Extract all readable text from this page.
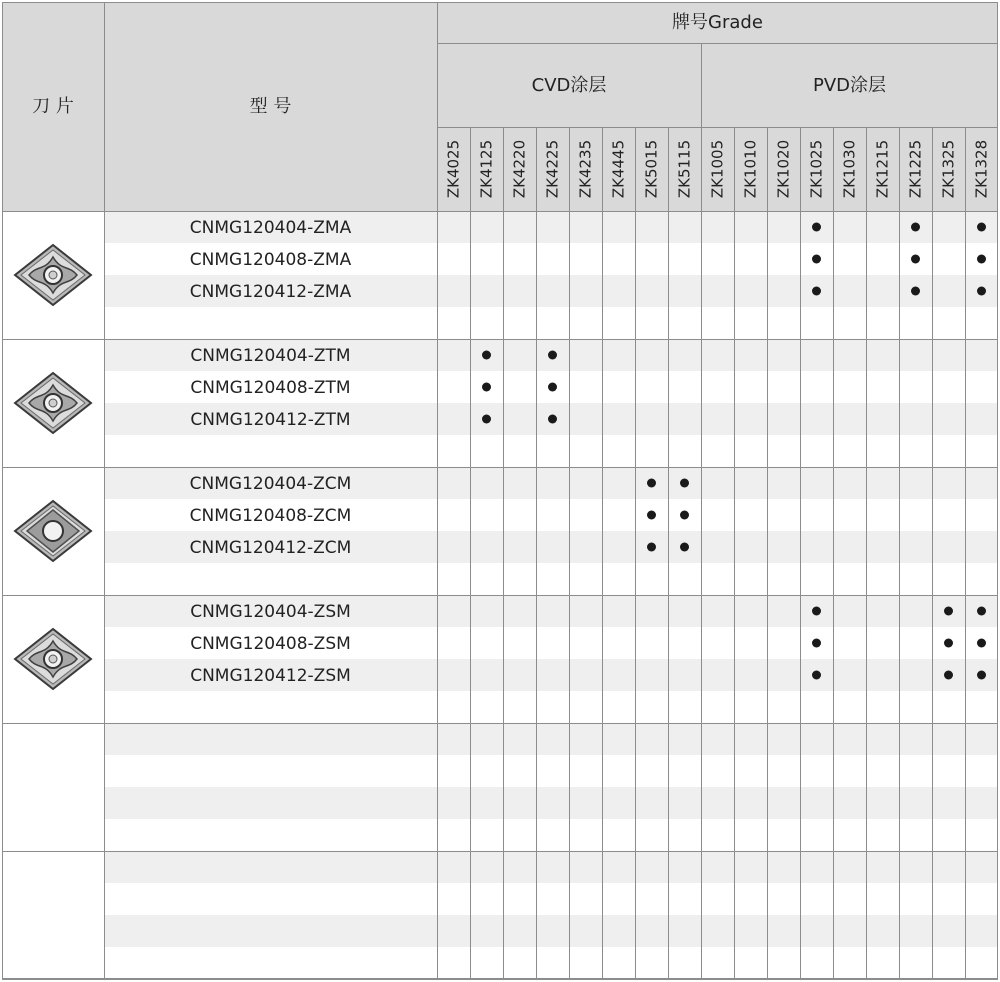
刀 片	型 号
牌号Grade
CVD涂层	PVD涂层
ZK4025 ZK4125 ZK4220 ZK4225 ZK4235 ZK4445 ZK5015 ZK5115 ZK1005 ZK1010 ZK1020 ZK1025 ZK1030 ZK1215 ZK1225 ZK1325 ZK1328
CNMG120404-ZMA
CNMG120408-ZMA
CNMG120412-ZMA
CNMG120404-ZTM
CNMG120408-ZTM
CNMG120412-ZTM
CNMG120404-ZCM
CNMG120408-ZCM
CNMG120412-ZCM
CNMG120404-ZSM
CNMG120408-ZSM
CNMG120412-ZSM
